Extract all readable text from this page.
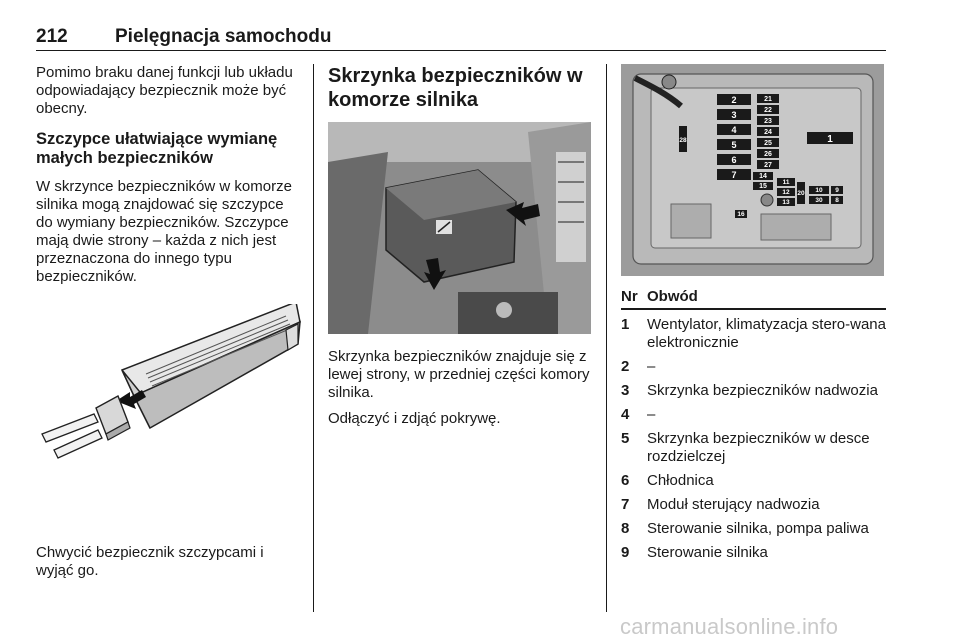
212 Pielęgnacja samochodu

Pomimo braku danej funkcji lub układu odpowiadający bezpiecznik może być obecny.

Szczypce ułatwiające wymianę małych bezpieczników

W skrzynce bezpieczników w komorze silnika mogą znajdować się szczypce do wymiany bezpieczników. Szczypce mają dwie strony – każda z nich jest przeznaczona do innego typu bezpieczników.

Chwycić bezpiecznik szczypcami i wyjąć go.

Skrzynka bezpieczników w komorze silnika

Skrzynka bezpieczników znajduje się z lewej strony, w przedniej części komory silnika.

Odłączyć i zdjąć pokrywę.

2
3
4
5
6
7
21
22
23
24
25
26
27
14
15
1
11
12
13
20 10 9
30 8
28
16
Nr Obwód
1	Wentylator, klimatyzacja stero-wana elektronicznie
2	–
3	Skrzynka bezpieczników nadwozia
4	–
5	Skrzynka bezpieczników w desce rozdzielczej
6	Chłodnica
7	Moduł sterujący nadwozia
8	Sterowanie silnika, pompa paliwa
9	Sterowanie silnika
carmanualsonline.info
